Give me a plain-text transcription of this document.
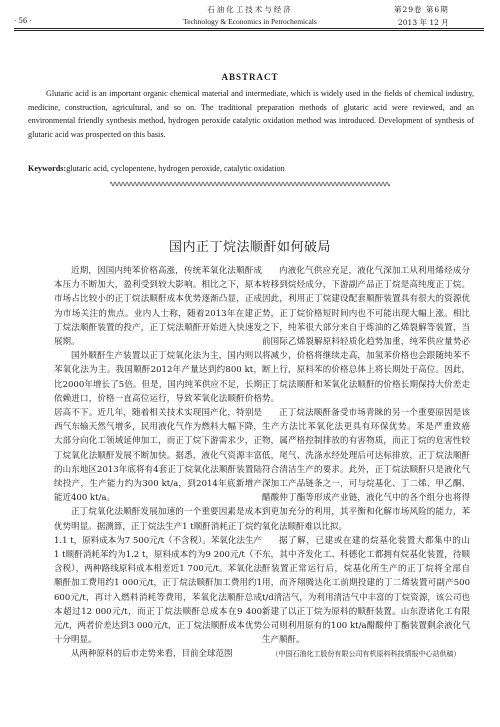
石油化工技术与经济	第29卷 第6期
· 56 ·	Technology & Economics in Petrochemicals	2013 年 12 月
ABSTRACT
Glutaric acid is an important organic chemical material and intermediate, which is widely used in the fields of chemical industry, medicine, construction, agricultural, and so on. The traditional preparation methods of glutaric acid were reviewed, and an environmental friendly synthesis method, hydrogen peroxide catalytic oxidation method was introduced. Development of synthesis of glutaric acid was prospected on this basis.
Keywords:glutaric acid, cyclopentene, hydrogen peroxide, catalytic oxidation
国内正丁烷法顺酐如何破局

近期，因国内纯苯价格高涨，传统苯氧化法顺酐成本压力不断加大，盈利受到较大影响。相比之下，原本市场占比较小的正丁烷法顺酐成本优势逐渐凸显，正成为市场关注的焦点。业内人士称，随着2013年在建正丁烷法顺酐装置的投产，正丁烷法顺酐开始进入快速发展期。

国外顺酐生产装置以正丁烷氧化法为主，国内则以苯氧化法为主。我国顺酐2012年产量达到约800 kt，比2000年增长了5倍。但是，国内纯苯供应不足，长期依赖进口，价格一直高位运行，导致苯氧化法顺酐价格居高不下。近几年，随着相关技术实现国产化，特别是西气东输天然气增多，民用液化气作为燃料大幅下降，大部分向化工领域延伸加工，而正丁烷下游需求少，正丁烷氧化法顺酐发展不断加快。据悉，液化气资源丰富的山东地区2013年底将有4套正丁烷氧化法顺酐装置陆续投产，生产能力约为300 kt/a，到2014年底新增产能近400 kt/a。

正丁烷氧化法顺酐发展加速的一个重要因素是成本优势明显。据测算，正丁烷法生产1 t顺酐消耗正丁烷约1.1 t，原料成本为7 500元/t（不含税）。苯氧化法生产1 t顺酐消耗苯约为1.2 t，原料成本约为9 200元/t（不含税），两种路线原料成本相差近1 700元/t。苯氧化法顺酐加工费用约1 000元/t，正丁烷法顺酐加工费用约1 600元/t，再计入燃料消耗等费用，苯氧化法顺酐总成本超过12 000元/t，而正丁烷法顺酐总成本在9 400元/t，两者价差达到3 000元/t，正丁烷法顺酐成本优势十分明显。

从两种原料的后市走势来看，目前全球范围

内液化气供应充足，液化气深加工从利用烯烃成分转移到烷烃成分，下游副产品正丁烷是高纯度正丁烷。因此，利用正丁烷建设配套顺酐装置具有很大的资源优势，正丁烷价格短时间内也不可能出现大幅上涨。相比之下，纯苯很大部分来自于炼油的乙烯裂解等装置，当前国际乙烯裂解原料轻质化趋势加重，纯苯供应量势必将减少，价格将继续走高，加氢苯价格也会跟随纯苯不断上行，原料苯的价格总体上将长期处于高位。因此，正丁烷法顺酐和苯氧化法顺酐的价格长期保持大价差走势。

正丁烷法顺酐备受市场青睐的另一个重要原因是该生产方法比苯氧化法更具有环保优势。苯是严重致癌物，属严格控制排放的有害物质，而正丁烷的危害性较低，尾气、洗涤水经处理后可达标排放，正丁烷法顺酐符合清洁生产的要求。此外，正丁烷法顺酐只是液化气深加工产品链条之一，可与烷基化、丁二烯、甲乙酮、醋酸仲丁酯等形成产业链，液化气中的各个组分也将得到更加充分的利用，其平衡和化解市场风险的能力，苯氧化法顺酐难以比拟。

据了解，已建或在建的烷基化装置大都集中的山东，其中齐发化工、科德化工都拥有烷基化装置，待顺酐装置正常运行后，烷基化所生产的正丁烷将全部自用，而齐翔腾达化工前期投建的丁二烯装置可副产500 t/d清洁气，为利用清洁气中丰富的丁烷资源，该公司也新建了以正丁烷为原料的顺酐装置。山东澄诸化工有限公司则利用原有的100 kt/a醋酸仲丁酯装置剩余液化气生产顺酐。

（中国石油化工股份有限公司有机原料科技情报中心站供稿）
